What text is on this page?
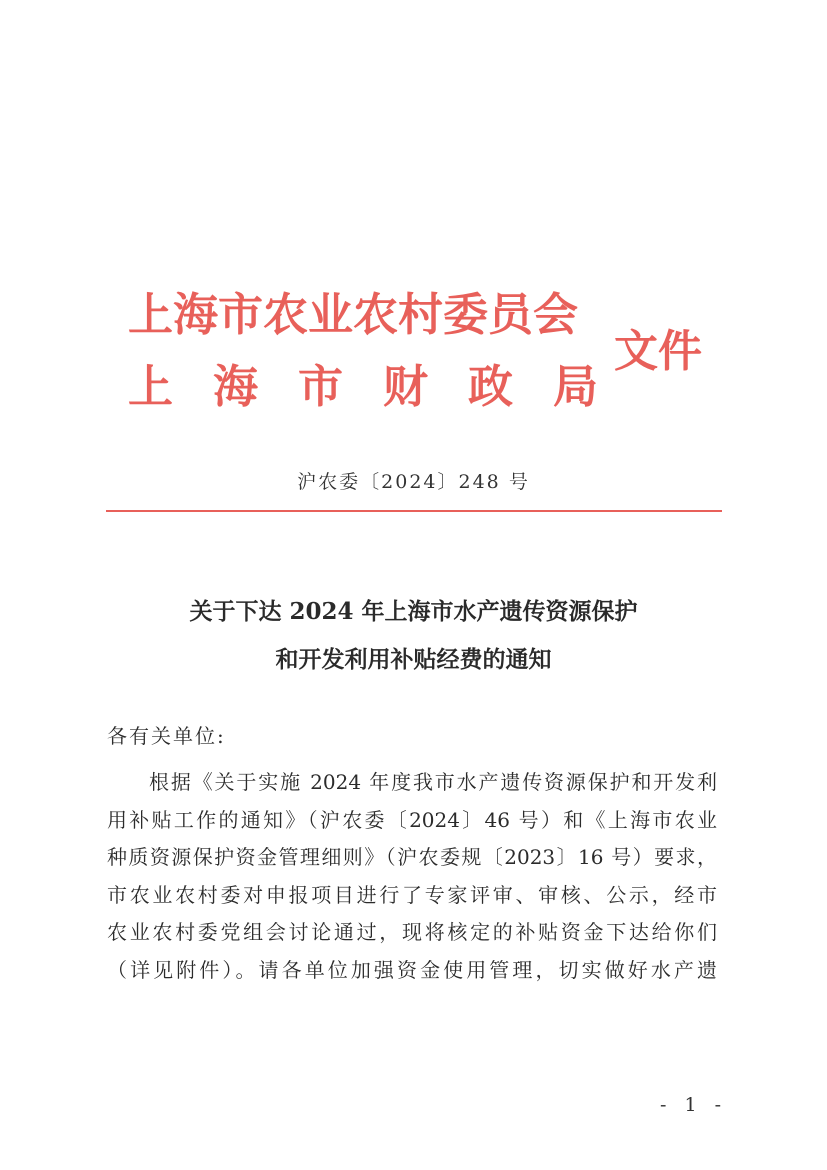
上海市农业农村委员会
上海市财政局
文件
沪农委〔2024〕248 号
关于下达 2024 年上海市水产遗传资源保护
和开发利用补贴经费的通知
各有关单位:
根据《关于实施 2024 年度我市水产遗传资源保护和开发利
用补贴工作的通知》（沪农委〔2024〕46 号）和《上海市农业
种质资源保护资金管理细则》（沪农委规〔2023〕16 号）要求，
市农业农村委对申报项目进行了专家评审、审核、公示，经市
农业农村委党组会讨论通过，现将核定的补贴资金下达给你们
（详见附件）。请各单位加强资金使用管理，切实做好水产遗
- 1 -
